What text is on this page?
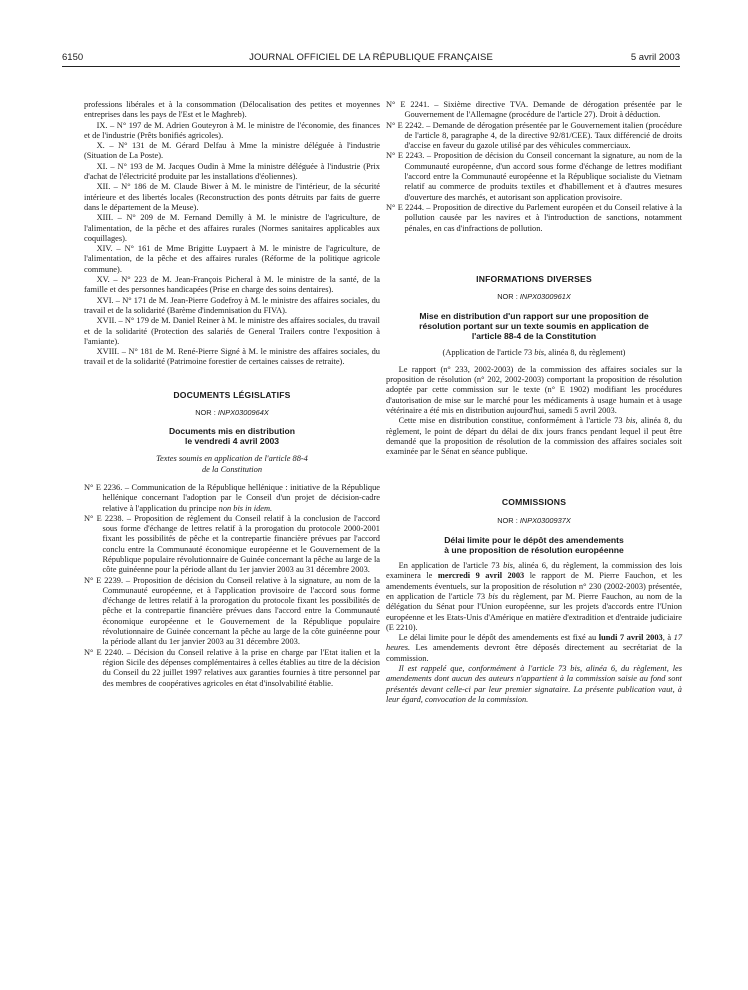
6150	JOURNAL OFFICIEL DE LA RÉPUBLIQUE FRANÇAISE	5 avril 2003

professions libérales et à la consommation (Délocalisation des petites et moyennes entreprises dans les pays de l'Est et le Maghreb).

IX. – N° 197 de M. Adrien Gouteyron à M. le ministre de l'économie, des finances et de l'industrie (Prêts bonifiés agricoles).

X. – N° 131 de M. Gérard Delfau à Mme la ministre déléguée à l'industrie (Situation de La Poste).

XI. – N° 193 de M. Jacques Oudin à Mme la ministre déléguée à l'industrie (Prix d'achat de l'électricité produite par les installations d'éoliennes).

XII. – N° 186 de M. Claude Biwer à M. le ministre de l'intérieur, de la sécurité intérieure et des libertés locales (Reconstruction des ponts détruits par faits de guerre dans le département de la Meuse).

XIII. – N° 209 de M. Fernand Demilly à M. le ministre de l'agriculture, de l'alimentation, de la pêche et des affaires rurales (Normes sanitaires applicables aux coquillages).

XIV. – N° 161 de Mme Brigitte Luypaert à M. le ministre de l'agriculture, de l'alimentation, de la pêche et des affaires rurales (Réforme de la politique agricole commune).

XV. – N° 223 de M. Jean-François Picheral à M. le ministre de la santé, de la famille et des personnes handicapées (Prise en charge des soins dentaires).

XVI. – N° 171 de M. Jean-Pierre Godefroy à M. le ministre des affaires sociales, du travail et de la solidarité (Barème d'indemnisation du FIVA).

XVII. – N° 179 de M. Daniel Reiner à M. le ministre des affaires sociales, du travail et de la solidarité (Protection des salariés de General Trailers contre l'exposition à l'amiante).

XVIII. – N° 181 de M. René-Pierre Signé à M. le ministre des affaires sociales, du travail et de la solidarité (Patrimoine forestier de certaines caisses de retraite).

DOCUMENTS LÉGISLATIFS

NOR : INPX0300964X

Documents mis en distribution

le vendredi 4 avril 2003

Textes soumis en application de l'article 88-4

de la Constitution

N° E 2236. – Communication de la République hellénique : initiative de la République hellénique concernant l'adoption par le Conseil d'un projet de décision-cadre relative à l'application du principe non bis in idem.

N° E 2238. – Proposition de règlement du Conseil relatif à la conclusion de l'accord sous forme d'échange de lettres relatif à la prorogation du protocole 2000-2001 fixant les possibilités de pêche et la contrepartie financière prévues par l'accord conclu entre la Communauté économique européenne et le Gouvernement de la République populaire révolutionnaire de Guinée concernant la pêche au large de la côte guinéenne pour la période allant du 1er janvier 2003 au 31 décembre 2003.

N° E 2239. – Proposition de décision du Conseil relative à la signature, au nom de la Communauté européenne, et à l'application provisoire de l'accord sous forme d'échange de lettres relatif à la prorogation du protocole fixant les possibilités de pêche et la contrepartie financière prévues dans l'accord entre la Communauté économique européenne et le Gouvernement de la République populaire révolutionnaire de Guinée concernant la pêche au large de la côte guinéenne pour la période allant du 1er janvier 2003 au 31 décembre 2003.

N° E 2240. – Décision du Conseil relative à la prise en charge par l'Etat italien et la région Sicile des dépenses complémentaires à celles établies au titre de la décision du Conseil du 22 juillet 1997 relatives aux garanties fournies à titre personnel par des membres de coopératives agricoles en état d'insolvabilité établie.

N° E 2241. – Sixième directive TVA. Demande de dérogation présentée par le Gouvernement de l'Allemagne (procédure de l'article 27). Droit à déduction.

N° E 2242. – Demande de dérogation présentée par le Gouvernement italien (procédure de l'article 8, paragraphe 4, de la directive 92/81/CEE). Taux différencié de droits d'accise en faveur du gazole utilisé par des véhicules commerciaux.

N° E 2243. – Proposition de décision du Conseil concernant la signature, au nom de la Communauté européenne, d'un accord sous forme d'échange de lettres modifiant l'accord entre la Communauté européenne et la République socialiste du Vietnam relatif au commerce de produits textiles et d'habillement et à d'autres mesures d'ouverture des marchés, et autorisant son application provisoire.

N° E 2244. – Proposition de directive du Parlement européen et du Conseil relative à la pollution causée par les navires et à l'introduction de sanctions, notamment pénales, en cas d'infractions de pollution.

INFORMATIONS DIVERSES

NOR : INPX0300961X

Mise en distribution d'un rapport sur une proposition de

résolution portant sur un texte soumis en application de

l'article 88-4 de la Constitution

(Application de l'article 73 bis, alinéa 8, du règlement)

Le rapport (n° 233, 2002-2003) de la commission des affaires sociales sur la proposition de résolution (n° 202, 2002-2003) comportant la proposition de résolution adoptée par cette commission sur le texte (n° E 1902) modifiant les procédures d'autorisation de mise sur le marché pour les médicaments à usage humain et à usage vétérinaire a été mis en distribution aujourd'hui, samedi 5 avril 2003.

Cette mise en distribution constitue, conformément à l'article 73 bis, alinéa 8, du règlement, le point de départ du délai de dix jours francs pendant lequel il peut être demandé que la proposition de résolution de la commission des affaires sociales soit examinée par le Sénat en séance publique.

COMMISSIONS

NOR : INPX0300937X

Délai limite pour le dépôt des amendements

à une proposition de résolution européenne

En application de l'article 73 bis, alinéa 6, du règlement, la commission des lois examinera le mercredi 9 avril 2003 le rapport de M. Pierre Fauchon, et les amendements éventuels, sur la proposition de résolution n° 230 (2002-2003) présentée, en application de l'article 73 bis du règlement, par M. Pierre Fauchon, au nom de la délégation du Sénat pour l'Union européenne, sur les projets d'accords entre l'Union européenne et les Etats-Unis d'Amérique en matière d'extradition et d'entraide judiciaire (E 2210).

Le délai limite pour le dépôt des amendements est fixé au lundi 7 avril 2003, à 17 heures. Les amendements devront être déposés directement au secrétariat de la commission.

Il est rappelé que, conformément à l'article 73 bis, alinéa 6, du règlement, les amendements dont aucun des auteurs n'appartient à la commission saisie au fond sont présentés devant celle-ci par leur premier signataire. La présente publication vaut, à leur égard, convocation de la commission.
